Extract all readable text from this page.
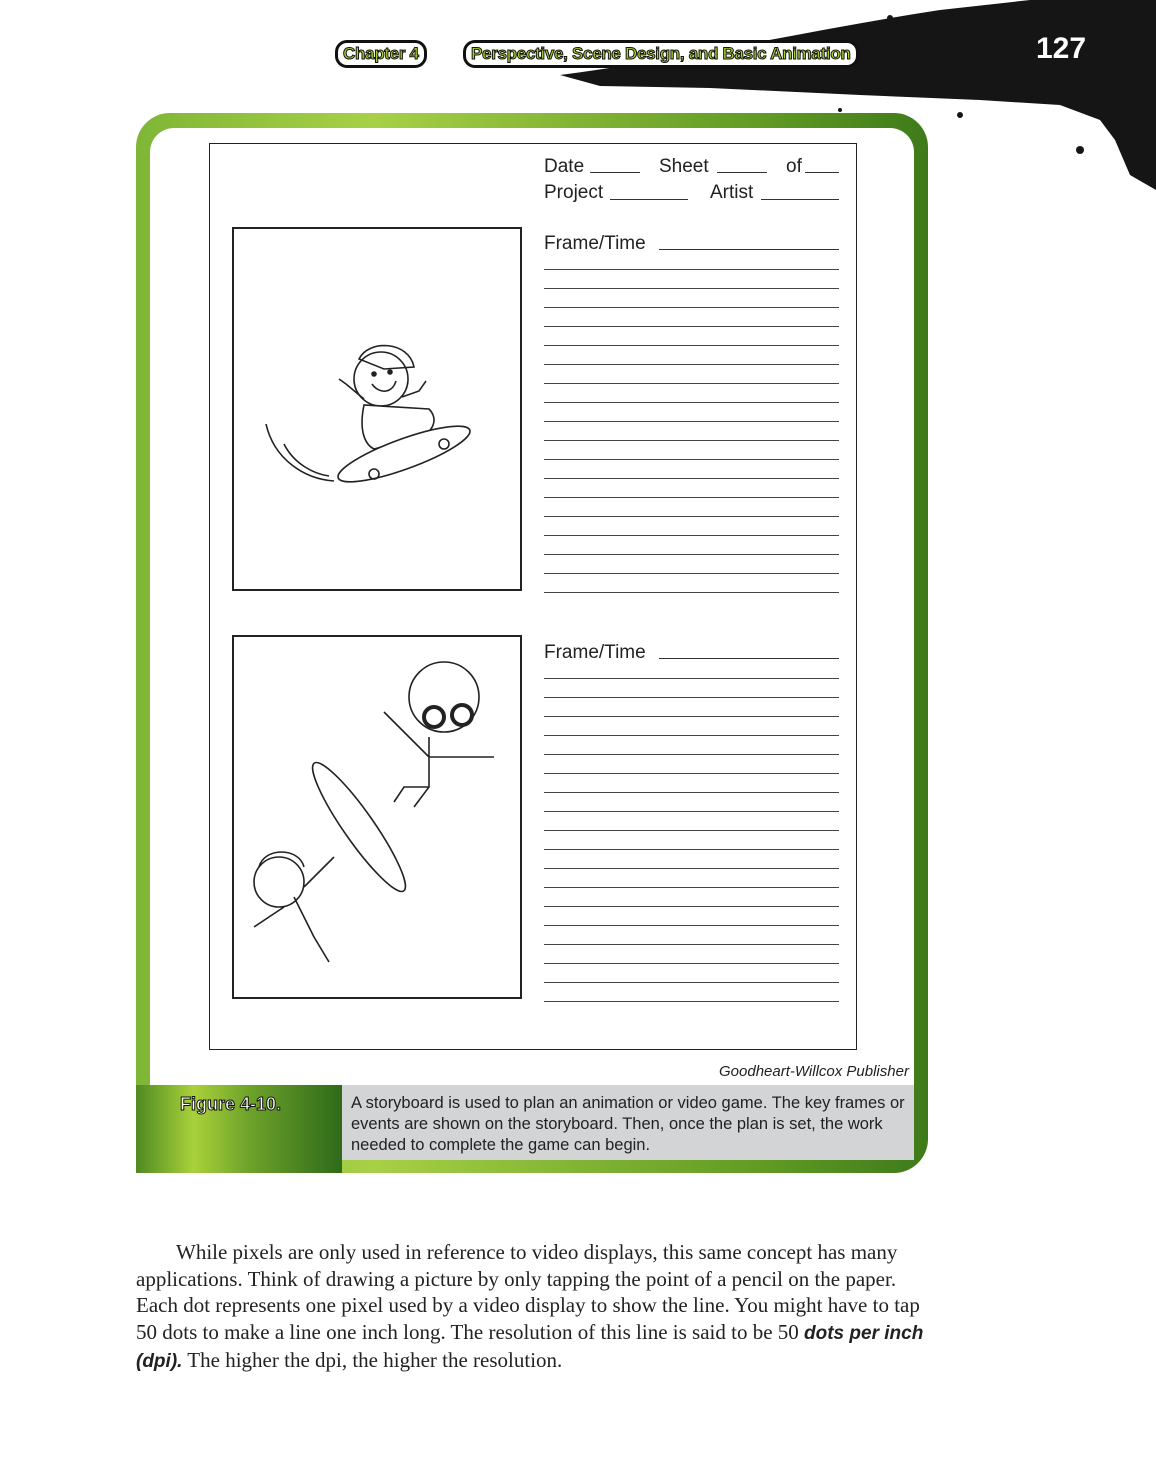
Chapter 4	Perspective, Scene Design, and Basic Animation	127
Date	Sheet	of
Project	Artist
Frame/Time
Frame/Time
Goodheart-Willcox Publisher
Figure 4-10.	A storyboard is used to plan an animation or video game. The key frames or events are shown on the storyboard. Then, once the plan is set, the work needed to complete the game can begin.

While pixels are only used in reference to video displays, this same concept has many applications. Think of drawing a picture by only tapping the point of a pencil on the paper. Each dot represents one pixel used by a video display to show the line. You might have to tap 50 dots to make a line one inch long. The resolution of this line is said to be 50 dots per inch (dpi). The higher the dpi, the higher the resolution.
